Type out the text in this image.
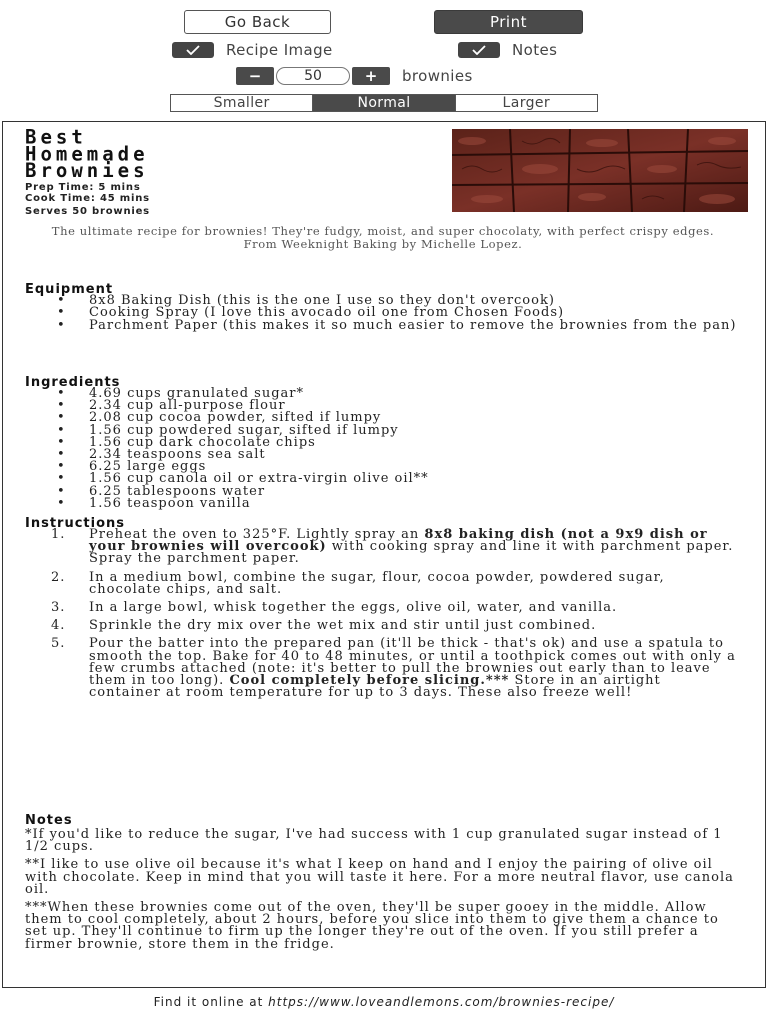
Go Back	Print
Recipe Image	Notes
−	50	+	brownies
Smaller	Normal	Larger
Best
Homemade
Brownies
Prep Time: 5 mins
Cook Time: 45 mins
Serves 50 brownies
The ultimate recipe for brownies! They're fudgy, moist, and super chocolaty, with perfect crispy edges. From Weeknight Baking by Michelle Lopez.
Equipment
• 8x8 Baking Dish (this is the one I use so they don't overcook)
• Cooking Spray (I love this avocado oil one from Chosen Foods)
• Parchment Paper (this makes it so much easier to remove the brownies from the pan)
Ingredients
• 4.69 cups granulated sugar*
• 2.34 cup all-purpose flour
• 2.08 cup cocoa powder, sifted if lumpy
• 1.56 cup powdered sugar, sifted if lumpy
• 1.56 cup dark chocolate chips
• 2.34 teaspoons sea salt
• 6.25 large eggs
• 1.56 cup canola oil or extra-virgin olive oil**
• 6.25 tablespoons water
• 1.56 teaspoon vanilla
Instructions
1. Preheat the oven to 325°F. Lightly spray an 8x8 baking dish (not a 9x9 dish or your brownies will overcook) with cooking spray and line it with parchment paper. Spray the parchment paper.
2. In a medium bowl, combine the sugar, flour, cocoa powder, powdered sugar, chocolate chips, and salt.
3. In a large bowl, whisk together the eggs, olive oil, water, and vanilla.
4. Sprinkle the dry mix over the wet mix and stir until just combined.
5. Pour the batter into the prepared pan (it'll be thick - that's ok) and use a spatula to smooth the top. Bake for 40 to 48 minutes, or until a toothpick comes out with only a few crumbs attached (note: it's better to pull the brownies out early than to leave them in too long). Cool completely before slicing.*** Store in an airtight container at room temperature for up to 3 days. These also freeze well!
Notes

*If you'd like to reduce the sugar, I've had success with 1 cup granulated sugar instead of 1 1/2 cups.

**I like to use olive oil because it's what I keep on hand and I enjoy the pairing of olive oil with chocolate. Keep in mind that you will taste it here. For a more neutral flavor, use canola oil.

***When these brownies come out of the oven, they'll be super gooey in the middle. Allow them to cool completely, about 2 hours, before you slice into them to give them a chance to set up. They'll continue to firm up the longer they're out of the oven. If you still prefer a firmer brownie, store them in the fridge.

Find it online at https://www.loveandlemons.com/brownies-recipe/
